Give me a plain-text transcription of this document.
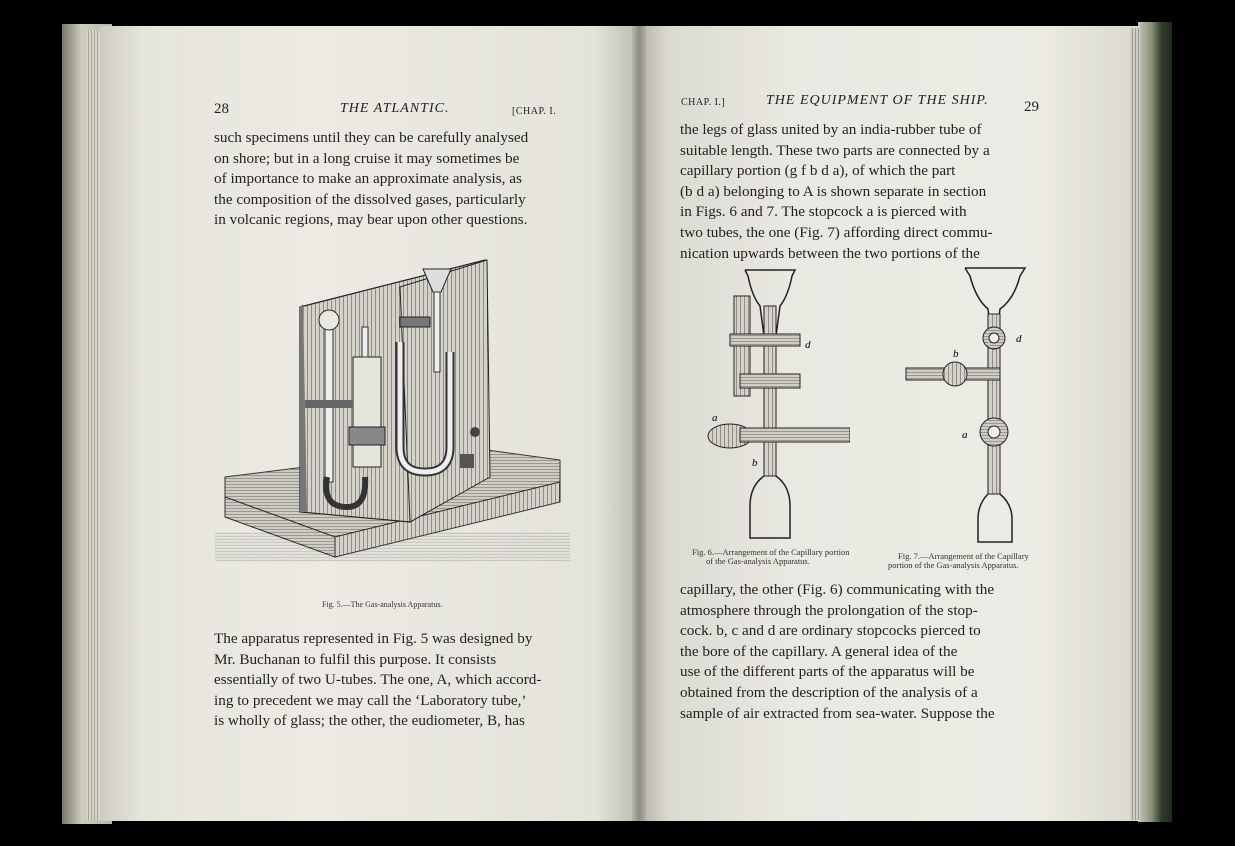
28	THE ATLANTIC.	[CHAP. I.

such specimens until they can be carefully analysed

on shore; but in a long cruise it may sometimes be

of importance to make an approximate analysis, as

the composition of the dissolved gases, particularly

in volcanic regions, may bear upon other questions.

Fig. 5.—The Gas-analysis Apparatus.

The apparatus represented in Fig. 5 was designed by

Mr. Buchanan to fulfil this purpose. It consists

essentially of two U-tubes. The one, A, which accord-

ing to precedent we may call the ‘Laboratory tube,’

is wholly of glass; the other, the eudiometer, B, has

CHAP. I.]	THE EQUIPMENT OF THE SHIP. 29

the legs of glass united by an india-rubber tube of

suitable length. These two parts are connected by a

capillary portion (g f b d a), of which the part

(b d a) belonging to A is shown separate in section

in Figs. 6 and 7. The stopcock a is pierced with

two tubes, the one (Fig. 7) affording direct commu-

nication upwards between the two portions of the

d
a
b
d
b
a
Fig. 6.—Arrangement of the Capillary portion
of the Gas-analysis Apparatus.	Fig. 7.—Arrangement of the Capillary
portion of the Gas-analysis Apparatus.

capillary, the other (Fig. 6) communicating with the

atmosphere through the prolongation of the stop-

cock. b, c and d are ordinary stopcocks pierced to

the bore of the capillary. A general idea of the

use of the different parts of the apparatus will be

obtained from the description of the analysis of a

sample of air extracted from sea-water. Suppose the
